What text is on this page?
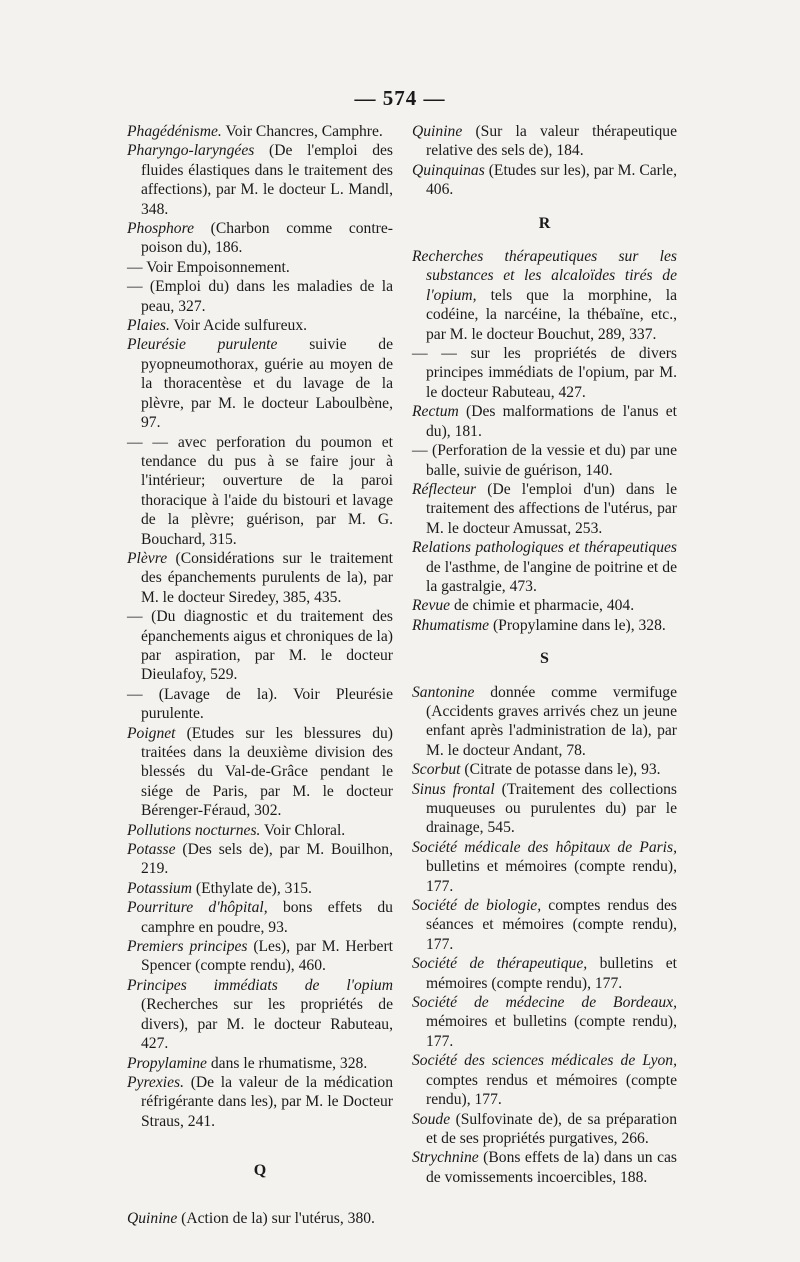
— 574 —

Phagédénisme. Voir Chancres, Camphre.

Pharyngo-laryngées (De l'emploi des fluides élastiques dans le traitement des affections), par M. le docteur L. Mandl, 348.

Phosphore (Charbon comme contre-poison du), 186.

— Voir Empoisonnement.

— (Emploi du) dans les maladies de la peau, 327.

Plaies. Voir Acide sulfureux.

Pleurésie purulente suivie de pyopneumothorax, guérie au moyen de la thoracentèse et du lavage de la plèvre, par M. le docteur Laboulbène, 97.

— — avec perforation du poumon et tendance du pus à se faire jour à l'intérieur; ouverture de la paroi thoracique à l'aide du bistouri et lavage de la plèvre; guérison, par M. G. Bouchard, 315.

Plèvre (Considérations sur le traitement des épanchements purulents de la), par M. le docteur Siredey, 385, 435.

— (Du diagnostic et du traitement des épanchements aigus et chroniques de la) par aspiration, par M. le docteur Dieulafoy, 529.

— (Lavage de la). Voir Pleurésie purulente.

Poignet (Etudes sur les blessures du) traitées dans la deuxième division des blessés du Val-de-Grâce pendant le siége de Paris, par M. le docteur Bérenger-Féraud, 302.

Pollutions nocturnes. Voir Chloral.

Potasse (Des sels de), par M. Bouilhon, 219.

Potassium (Ethylate de), 315.

Pourriture d'hôpital, bons effets du camphre en poudre, 93.

Premiers principes (Les), par M. Herbert Spencer (compte rendu), 460.

Principes immédiats de l'opium (Recherches sur les propriétés de divers), par M. le docteur Rabuteau, 427.

Propylamine dans le rhumatisme, 328.

Pyrexies. (De la valeur de la médication réfrigérante dans les), par M. le Docteur Straus, 241.

Q

Quinine (Action de la) sur l'utérus, 380.

Quinine (Sur la valeur thérapeutique relative des sels de), 184.

Quinquinas (Etudes sur les), par M. Carle, 406.

R

Recherches thérapeutiques sur les substances et les alcaloïdes tirés de l'opium, tels que la morphine, la codéine, la narcéine, la thébaïne, etc., par M. le docteur Bouchut, 289, 337.

— — sur les propriétés de divers principes immédiats de l'opium, par M. le docteur Rabuteau, 427.

Rectum (Des malformations de l'anus et du), 181.

— (Perforation de la vessie et du) par une balle, suivie de guérison, 140.

Réflecteur (De l'emploi d'un) dans le traitement des affections de l'utérus, par M. le docteur Amussat, 253.

Relations pathologiques et thérapeutiques de l'asthme, de l'angine de poitrine et de la gastralgie, 473.

Revue de chimie et pharmacie, 404.

Rhumatisme (Propylamine dans le), 328.

S

Santonine donnée comme vermifuge (Accidents graves arrivés chez un jeune enfant après l'administration de la), par M. le docteur Andant, 78.

Scorbut (Citrate de potasse dans le), 93.

Sinus frontal (Traitement des collections muqueuses ou purulentes du) par le drainage, 545.

Société médicale des hôpitaux de Paris, bulletins et mémoires (compte rendu), 177.

Société de biologie, comptes rendus des séances et mémoires (compte rendu), 177.

Société de thérapeutique, bulletins et mémoires (compte rendu), 177.

Société de médecine de Bordeaux, mémoires et bulletins (compte rendu), 177.

Société des sciences médicales de Lyon, comptes rendus et mémoires (compte rendu), 177.

Soude (Sulfovinate de), de sa préparation et de ses propriétés purgatives, 266.

Strychnine (Bons effets de la) dans un cas de vomissements incoercibles, 188.
